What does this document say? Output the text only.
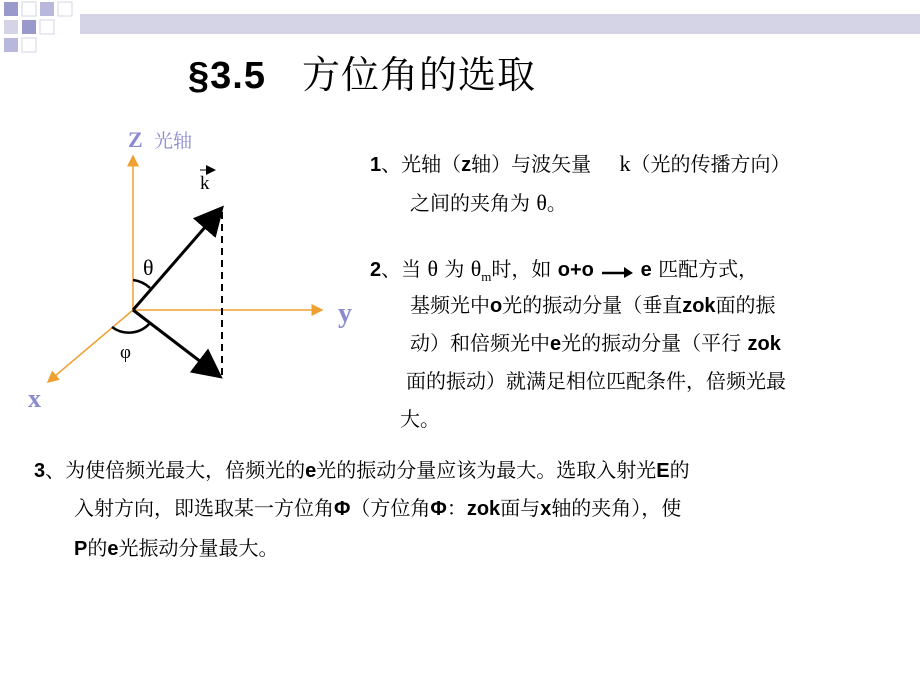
§3.5 方位角的选取
Z 光轴
y
x
k
θ
φ

1、光轴（z轴）与波矢量 k（光的传播方向）

之间的夹角为 θ。

2、当 θ 为 $\theta_m$时，如 o+o e 匹配方式，

基频光中o光的振动分量（垂直zok面的振

动）和倍频光中e光的振动分量（平行 zok

面的振动）就满足相位匹配条件，倍频光最

大。

3、为使倍频光最大，倍频光的e光的振动分量应该为最大。选取入射光E的

入射方向，即选取某一方位角Φ（方位角Φ：zok面与x轴的夹角），使

P的e光振动分量最大。
